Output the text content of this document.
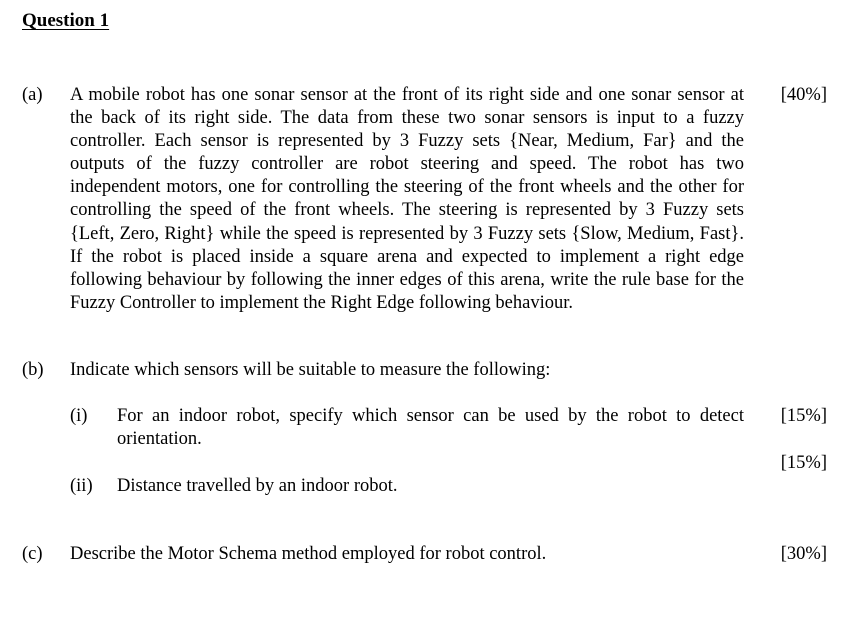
Question 1
(a) A mobile robot has one sonar sensor at the front of its right side and one sonar sensor at the back of its right side. The data from these two sonar sensors is input to a fuzzy controller. Each sensor is represented by 3 Fuzzy sets {Near, Medium, Far} and the outputs of the fuzzy controller are robot steering and speed. The robot has two independent motors, one for controlling the steering of the front wheels and the other for controlling the speed of the front wheels. The steering is represented by 3 Fuzzy sets {Left, Zero, Right} while the speed is represented by 3 Fuzzy sets {Slow, Medium, Fast}. If the robot is placed inside a square arena and expected to implement a right edge following behaviour by following the inner edges of this arena, write the rule base for the Fuzzy Controller to implement the Right Edge following behaviour.

[40%]
(b) Indicate which sensors will be suitable to measure the following:
(i) For an indoor robot, specify which sensor can be used by the robot to detect orientation.

[15%]
[15%]
(ii) Distance travelled by an indoor robot.
(c) Describe the Motor Schema method employed for robot control.	[30%]
